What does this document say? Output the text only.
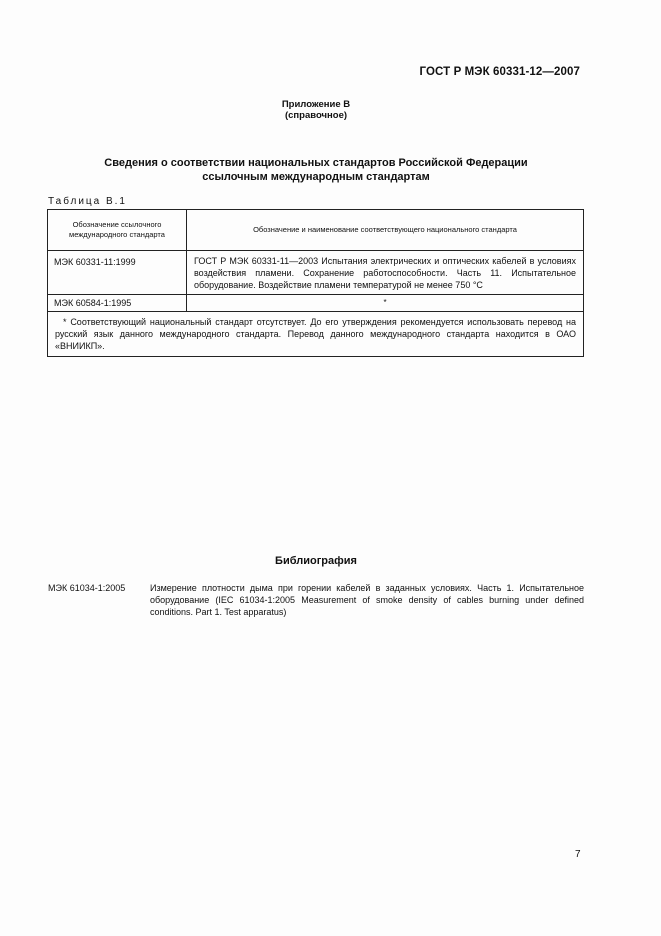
ГОСТ Р МЭК 60331-12—2007
Приложение В
(справочное)
Сведения о соответствии национальных стандартов Российской Федерации
ссылочным международным стандартам
Таблица В.1
Обозначение ссылочного международного стандарта	Обозначение и наименование соответствующего национального стандарта
МЭК 60331-11:1999	ГОСТ Р МЭК 60331-11—2003 Испытания электрических и оптических кабелей в условиях воздействия пламени. Сохранение работоспособности. Часть 11. Испытательное оборудование. Воздействие пламени температурой не менее 750 °С
МЭК 60584-1:1995	*
* Соответствующий национальный стандарт отсутствует. До его утверждения рекомендуется использовать перевод на русский язык данного международного стандарта. Перевод данного международного стандарта находится в ОАО «ВНИИКП».	
Библиография
МЭК 61034-1:2005	Измерение плотности дыма при горении кабелей в заданных условиях. Часть 1. Испытательное оборудование (IEC 61034-1:2005 Measurement of smoke density of cables burning under defined conditions. Part 1. Test apparatus)
7
